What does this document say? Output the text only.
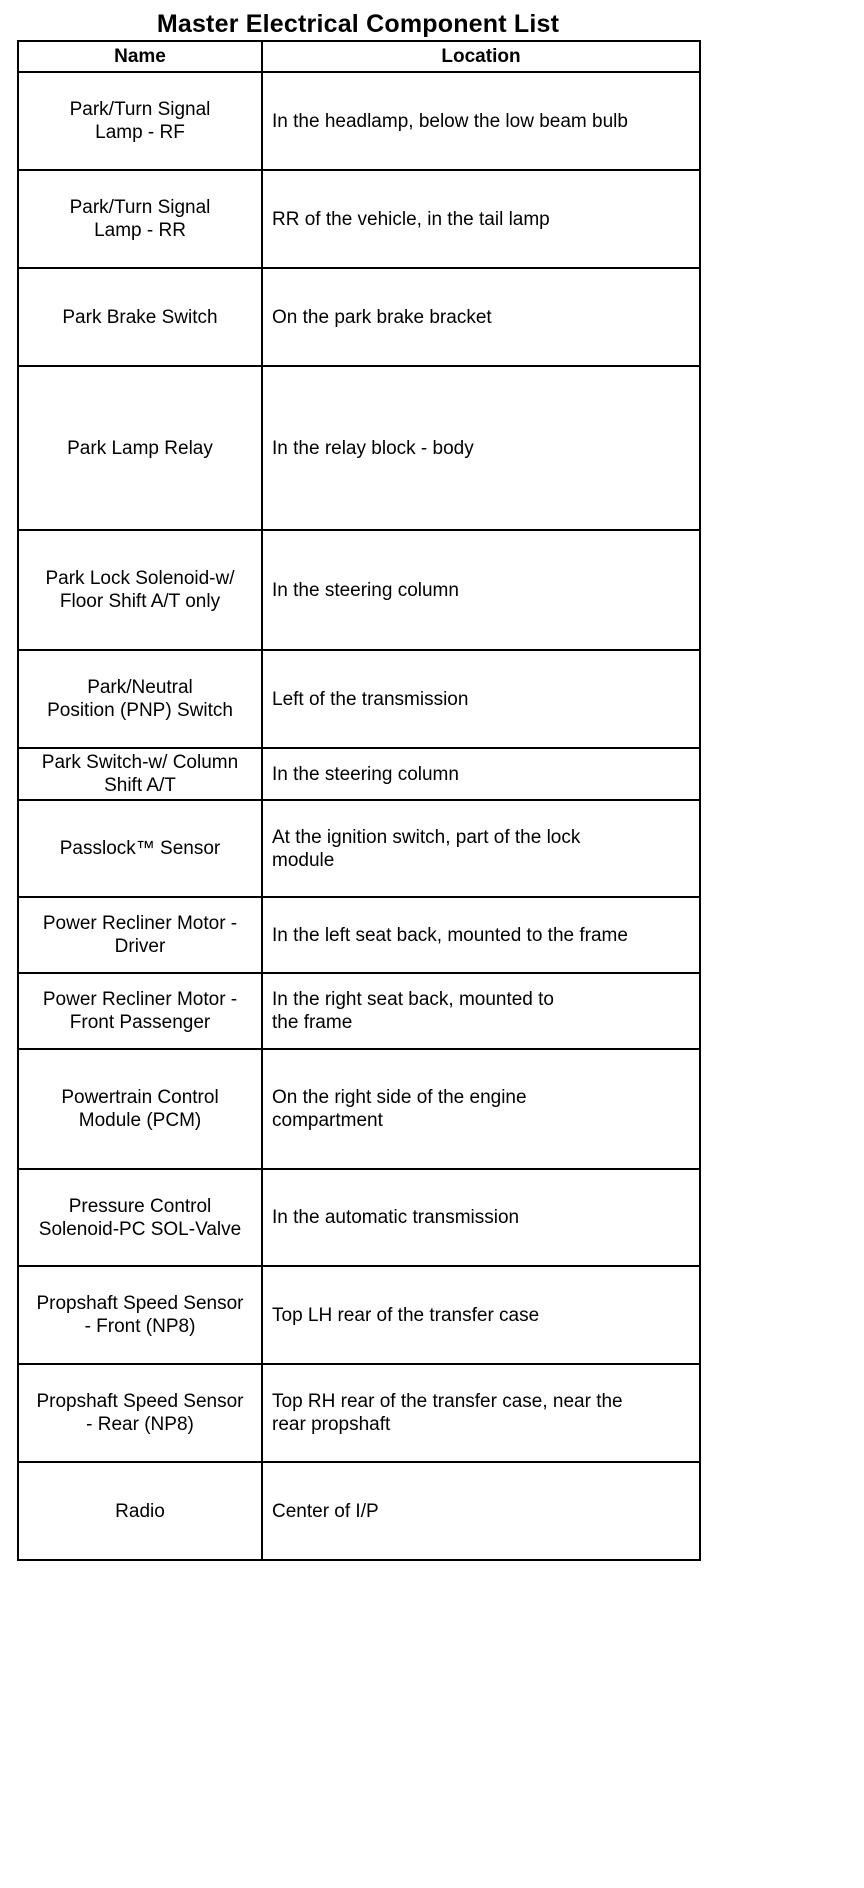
Master Electrical Component List
Name	Location

Park/Turn Signal
Lamp - RF	In the headlamp, below the low beam bulb

Park/Turn Signal
Lamp - RR	RR of the vehicle, in the tail lamp

Park Brake Switch	On the park brake bracket

Park Lamp Relay	In the relay block - body

Park Lock Solenoid-w/
Floor Shift A/T only	In the steering column

Park/Neutral
Position (PNP) Switch	Left of the transmission

Park Switch-w/ Column
Shift A/T	In the steering column

Passlock™ Sensor	At the ignition switch, part of the lock
module

Power Recliner Motor -
Driver	In the left seat back, mounted to the frame

Power Recliner Motor -
Front Passenger	In the right seat back, mounted to
the frame

Powertrain Control
Module (PCM)	On the right side of the engine
compartment

Pressure Control
Solenoid-PC SOL-Valve	In the automatic transmission

Propshaft Speed Sensor
- Front (NP8)	Top LH rear of the transfer case

Propshaft Speed Sensor
- Rear (NP8)	Top RH rear of the transfer case, near the
rear propshaft

Radio	Center of I/P
